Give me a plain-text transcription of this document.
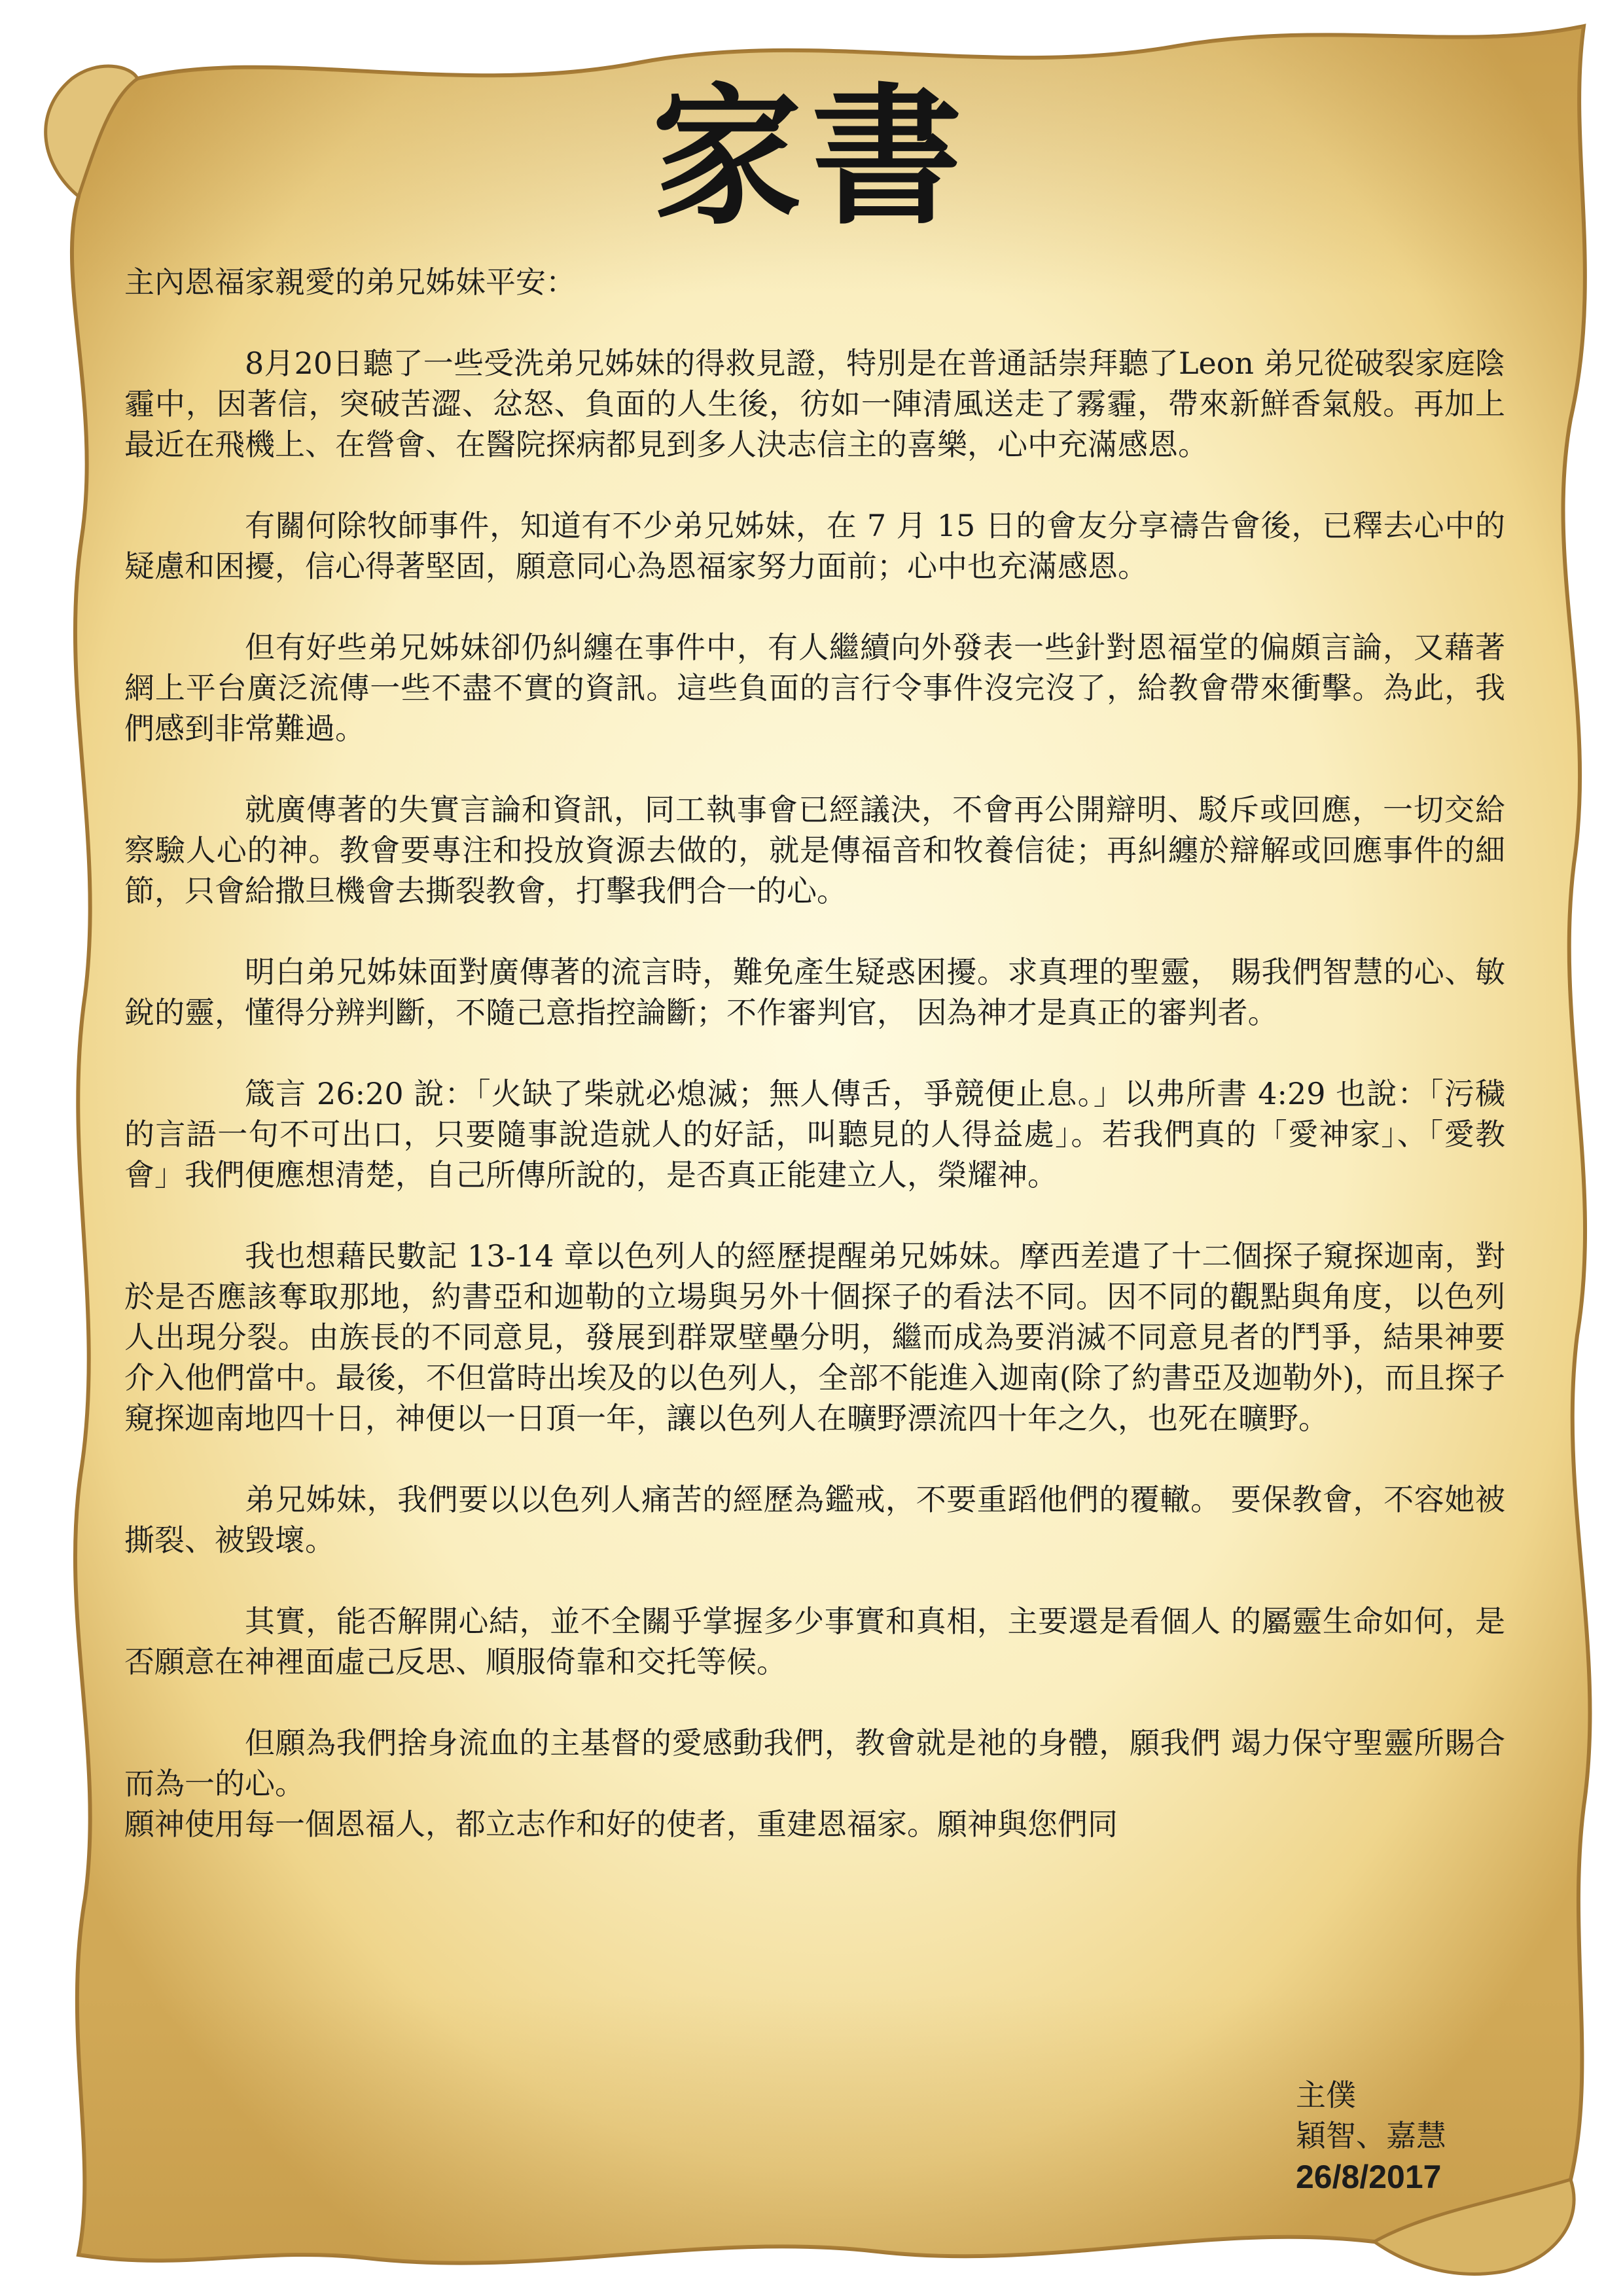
家書

主內恩福家親愛的弟兄姊妹平安：

8月20日聽了一些受洗弟兄姊妹的得救見證，特別是在普通話崇拜聽了Leon 弟兄從破裂家庭陰霾中，因著信，突破苦澀、忿怒、負面的人生後，彷如一陣清風送走了霧霾，帶來新鮮香氣般。再加上最近在飛機上、在營會、在醫院探病都見到多人決志信主的喜樂，心中充滿感恩。

有關何除牧師事件，知道有不少弟兄姊妹，在 7 月 15 日的會友分享禱告會後，已釋去心中的疑慮和困擾，信心得著堅固，願意同心為恩福家努力面前；心中也充滿感恩。

但有好些弟兄姊妹卻仍糾纏在事件中，有人繼續向外發表一些針對恩福堂的偏頗言論，又藉著網上平台廣泛流傳一些不盡不實的資訊。這些負面的言行令事件沒完沒了，給教會帶來衝擊。為此，我們感到非常難過。

就廣傳著的失實言論和資訊，同工執事會已經議決，不會再公開辯明、駁斥或回應，一切交給察驗人心的神。教會要專注和投放資源去做的，就是傳福音和牧養信徒；再糾纏於辯解或回應事件的細節，只會給撒旦機會去撕裂教會，打擊我們合一的心。

明白弟兄姊妹面對廣傳著的流言時，難免產生疑惑困擾。求真理的聖靈， 賜我們智慧的心、敏銳的靈，懂得分辨判斷，不隨己意指控論斷；不作審判官， 因為神才是真正的審判者。

箴言 26:20 說：「火缺了柴就必熄滅；無人傳舌，爭競便止息。」以弗所書 4:29 也說：「污穢的言語一句不可出口，只要隨事說造就人的好話，叫聽見的人得益處」。若我們真的「愛神家」、「愛教會」我們便應想清楚，自己所傳所說的，是否真正能建立人，榮耀神。

我也想藉民數記 13-14 章以色列人的經歷提醒弟兄姊妹。摩西差遣了十二個探子窺探迦南，對於是否應該奪取那地，約書亞和迦勒的立場與另外十個探子的看法不同。因不同的觀點與角度，以色列人出現分裂。由族長的不同意見，發展到群眾壁壘分明，繼而成為要消滅不同意見者的鬥爭，結果神要介入他們當中。最後，不但當時出埃及的以色列人，全部不能進入迦南(除了約書亞及迦勒外)，而且探子窺探迦南地四十日，神便以一日頂一年，讓以色列人在曠野漂流四十年之久，也死在曠野。

弟兄姊妹，我們要以以色列人痛苦的經歷為鑑戒，不要重蹈他們的覆轍。 要保教會，不容她被撕裂、被毀壞。

其實，能否解開心結，並不全關乎掌握多少事實和真相，主要還是看個人 的屬靈生命如何，是否願意在神裡面虛己反思、順服倚靠和交托等候。

但願為我們捨身流血的主基督的愛感動我們，教會就是祂的身體，願我們 竭力保守聖靈所賜合而為一的心。

願神使用每一個恩福人，都立志作和好的使者，重建恩福家。願神與您們同

主僕
穎智、嘉慧
26/8/2017
